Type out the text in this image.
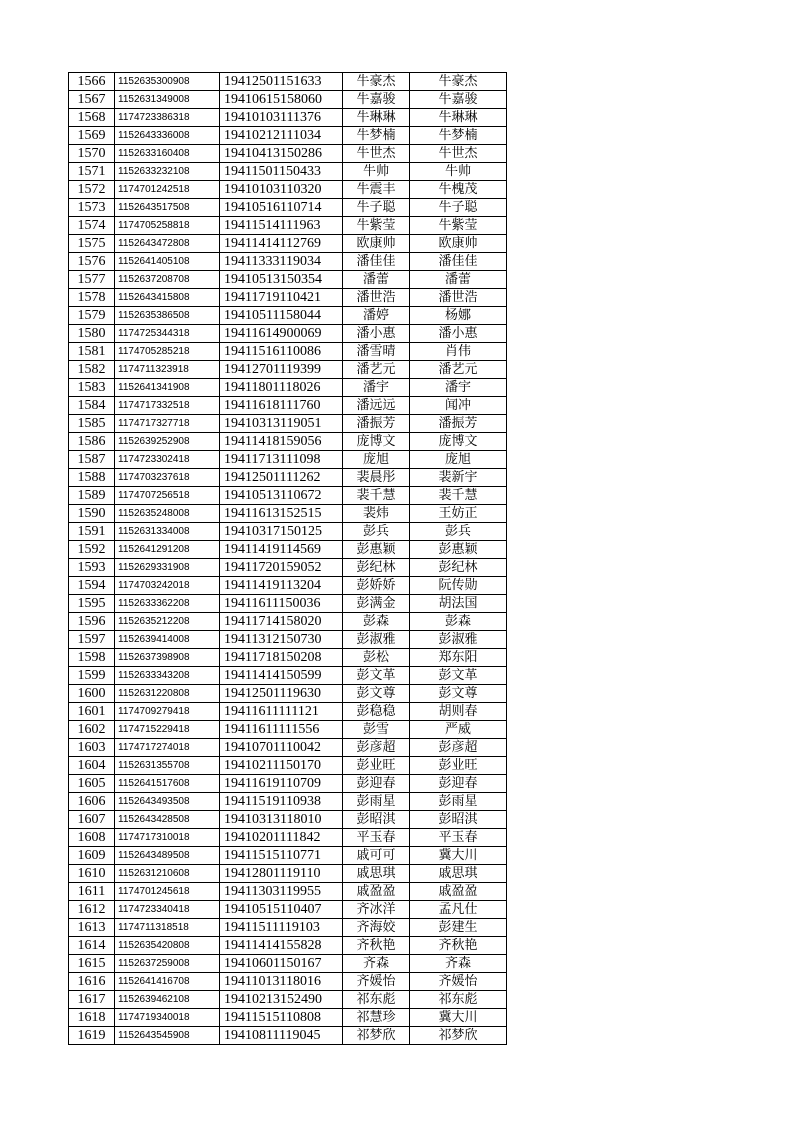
1566	1152635300908	19412501151633	牛豪杰	牛豪杰
1567	1152631349008	19410615158060	牛嘉骏	牛嘉骏
1568	1174723386318	19410103111376	牛琳琳	牛琳琳
1569	1152643336008	19410212111034	牛梦楠	牛梦楠
1570	1152633160408	19410413150286	牛世杰	牛世杰
1571	1152633232108	19411501150433	牛帅	牛帅
1572	1174701242518	19410103110320	牛震丰	牛槐茂
1573	1152643517508	19410516110714	牛子聪	牛子聪
1574	1174705258818	19411514111963	牛紫莹	牛紫莹
1575	1152643472808	19411414112769	欧康帅	欧康帅
1576	1152641405108	19411333119034	潘佳佳	潘佳佳
1577	1152637208708	19410513150354	潘蕾	潘蕾
1578	1152643415808	19411719110421	潘世浩	潘世浩
1579	1152635386508	19410511158044	潘婷	杨娜
1580	1174725344318	19411614900069	潘小惠	潘小惠
1581	1174705285218	19411516110086	潘雪晴	肖伟
1582	1174711323918	19412701119399	潘艺元	潘艺元
1583	1152641341908	19411801118026	潘宇	潘宇
1584	1174717332518	19411618111760	潘远远	闻冲
1585	1174717327718	19410313119051	潘振芳	潘振芳
1586	1152639252908	19411418159056	庞博文	庞博文
1587	1174723302418	19411713111098	庞旭	庞旭
1588	1174703237618	19412501111262	裴晨彤	裴新宇
1589	1174707256518	19410513110672	裴千慧	裴千慧
1590	1152635248008	19411613152515	裴炜	王妨正
1591	1152631334008	19410317150125	彭兵	彭兵
1592	1152641291208	19411419114569	彭惠颖	彭惠颖
1593	1152629331908	19411720159052	彭纪林	彭纪林
1594	1174703242018	19411419113204	彭娇娇	阮传勋
1595	1152633362208	19411611150036	彭满金	胡法国
1596	1152635212208	19411714158020	彭森	彭森
1597	1152639414008	19411312150730	彭淑雅	彭淑雅
1598	1152637398908	19411718150208	彭松	郑东阳
1599	1152633343208	19411414150599	彭文革	彭文革
1600	1152631220808	19412501119630	彭文尊	彭文尊
1601	1174709279418	19411611111121	彭稳稳	胡则春
1602	1174715229418	19411611111556	彭雪	严威
1603	1174717274018	19410701110042	彭彦超	彭彦超
1604	1152631355708	19410211150170	彭业旺	彭业旺
1605	1152641517608	19411619110709	彭迎春	彭迎春
1606	1152643493508	19411519110938	彭雨星	彭雨星
1607	1152643428508	19410313118010	彭昭淇	彭昭淇
1608	1174717310018	19410201111842	平玉春	平玉春
1609	1152643489508	19411515110771	戚可可	冀大川
1610	1152631210608	19412801119110	戚思琪	戚思琪
1611	1174701245618	19411303119955	戚盈盈	戚盈盈
1612	1174723340418	19410515110407	齐冰洋	孟凡仕
1613	1174711318518	19411511119103	齐海姣	彭建生
1614	1152635420808	19411414155828	齐秋艳	齐秋艳
1615	1152637259008	19410601150167	齐森	齐森
1616	1152641416708	19411013118016	齐媛怡	齐媛怡
1617	1152639462108	19410213152490	祁东彪	祁东彪
1618	1174719340018	19411515110808	祁慧珍	冀大川
1619	1152643545908	19410811119045	祁梦欣	祁梦欣
